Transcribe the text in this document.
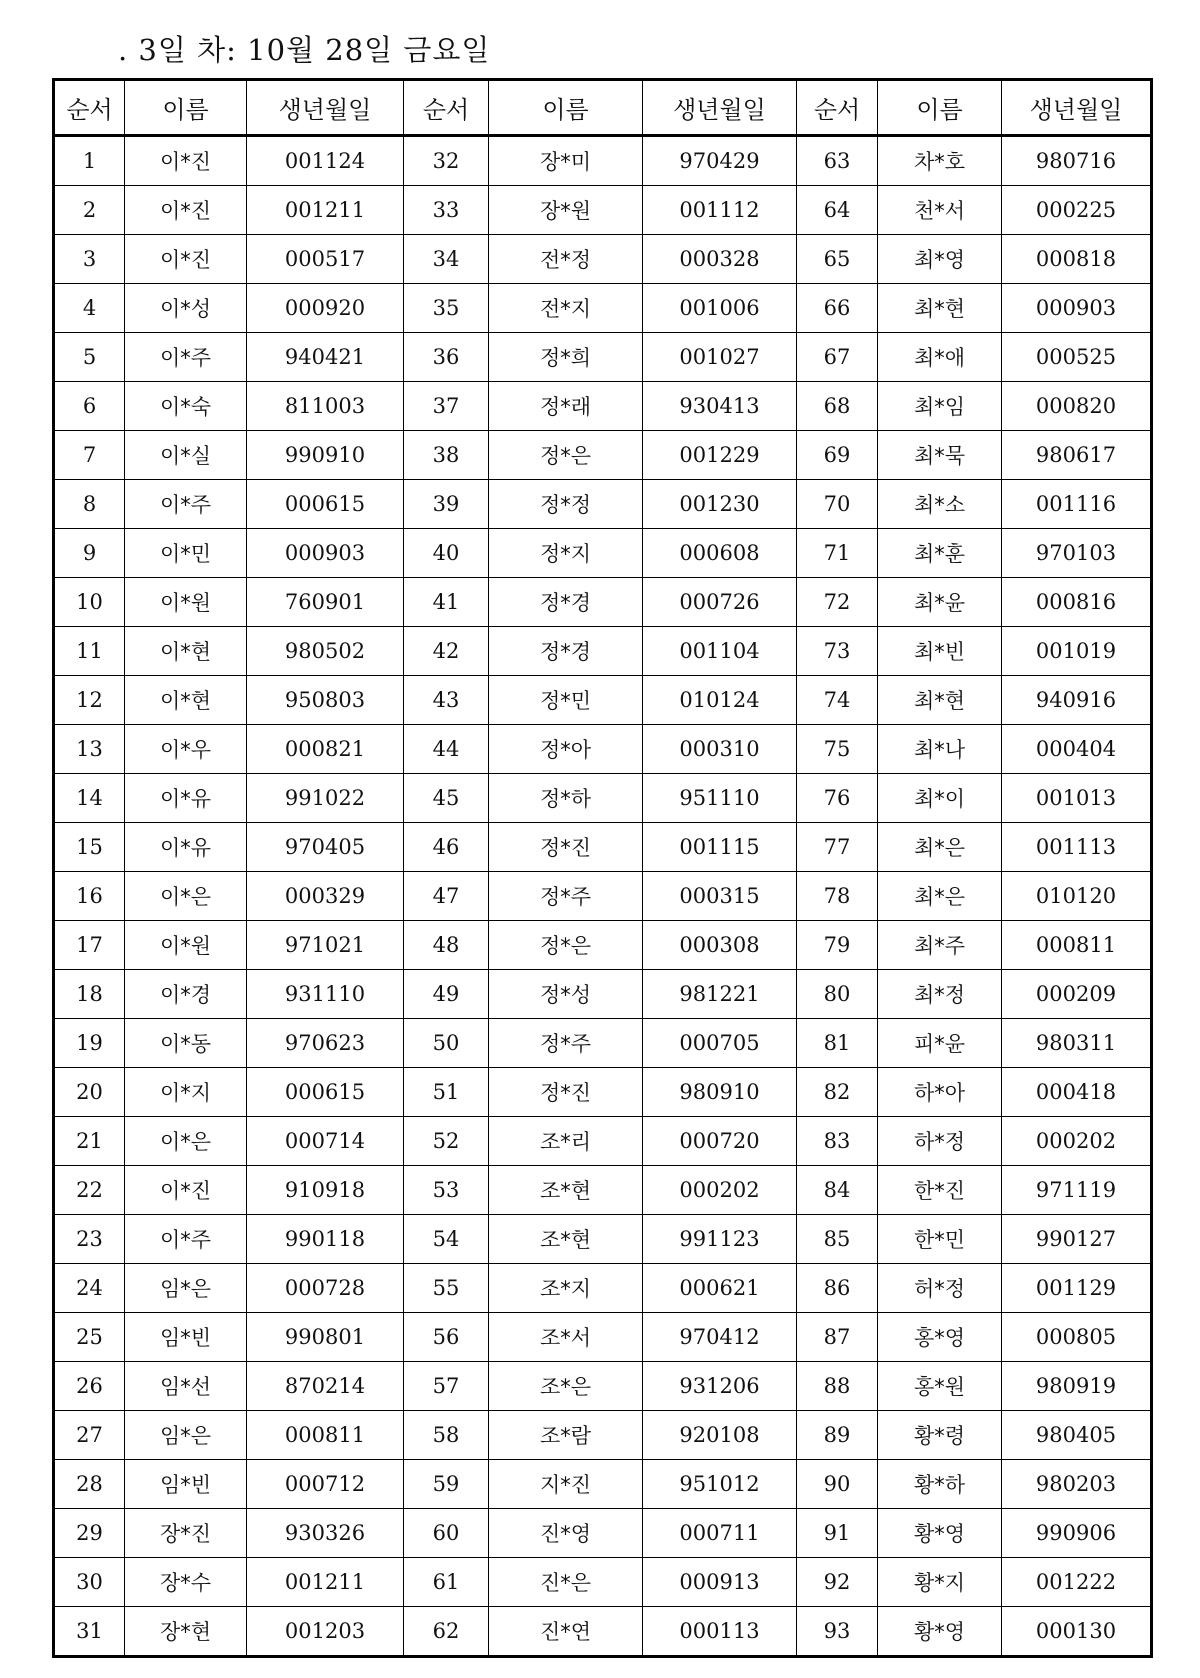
. 3일 차: 10월 28일 금요일
순서	이름	생년월일	순서	이름	생년월일	순서	이름	생년월일
1	이*진	001124	32	장*미	970429	63	차*호	980716
2	이*진	001211	33	장*원	001112	64	천*서	000225
3	이*진	000517	34	전*정	000328	65	최*영	000818
4	이*성	000920	35	전*지	001006	66	최*현	000903
5	이*주	940421	36	정*희	001027	67	최*애	000525
6	이*숙	811003	37	정*래	930413	68	최*임	000820
7	이*실	990910	38	정*은	001229	69	최*묵	980617
8	이*주	000615	39	정*정	001230	70	최*소	001116
9	이*민	000903	40	정*지	000608	71	최*훈	970103
10	이*원	760901	41	정*경	000726	72	최*윤	000816
11	이*현	980502	42	정*경	001104	73	최*빈	001019
12	이*현	950803	43	정*민	010124	74	최*현	940916
13	이*우	000821	44	정*아	000310	75	최*나	000404
14	이*유	991022	45	정*하	951110	76	최*이	001013
15	이*유	970405	46	정*진	001115	77	최*은	001113
16	이*은	000329	47	정*주	000315	78	최*은	010120
17	이*원	971021	48	정*은	000308	79	최*주	000811
18	이*경	931110	49	정*성	981221	80	최*정	000209
19	이*동	970623	50	정*주	000705	81	피*윤	980311
20	이*지	000615	51	정*진	980910	82	하*아	000418
21	이*은	000714	52	조*리	000720	83	하*정	000202
22	이*진	910918	53	조*현	000202	84	한*진	971119
23	이*주	990118	54	조*현	991123	85	한*민	990127
24	임*은	000728	55	조*지	000621	86	허*정	001129
25	임*빈	990801	56	조*서	970412	87	홍*영	000805
26	임*선	870214	57	조*은	931206	88	홍*원	980919
27	임*은	000811	58	조*람	920108	89	황*령	980405
28	임*빈	000712	59	지*진	951012	90	황*하	980203
29	장*진	930326	60	진*영	000711	91	황*영	990906
30	장*수	001211	61	진*은	000913	92	황*지	001222
31	장*현	001203	62	진*연	000113	93	황*영	000130
